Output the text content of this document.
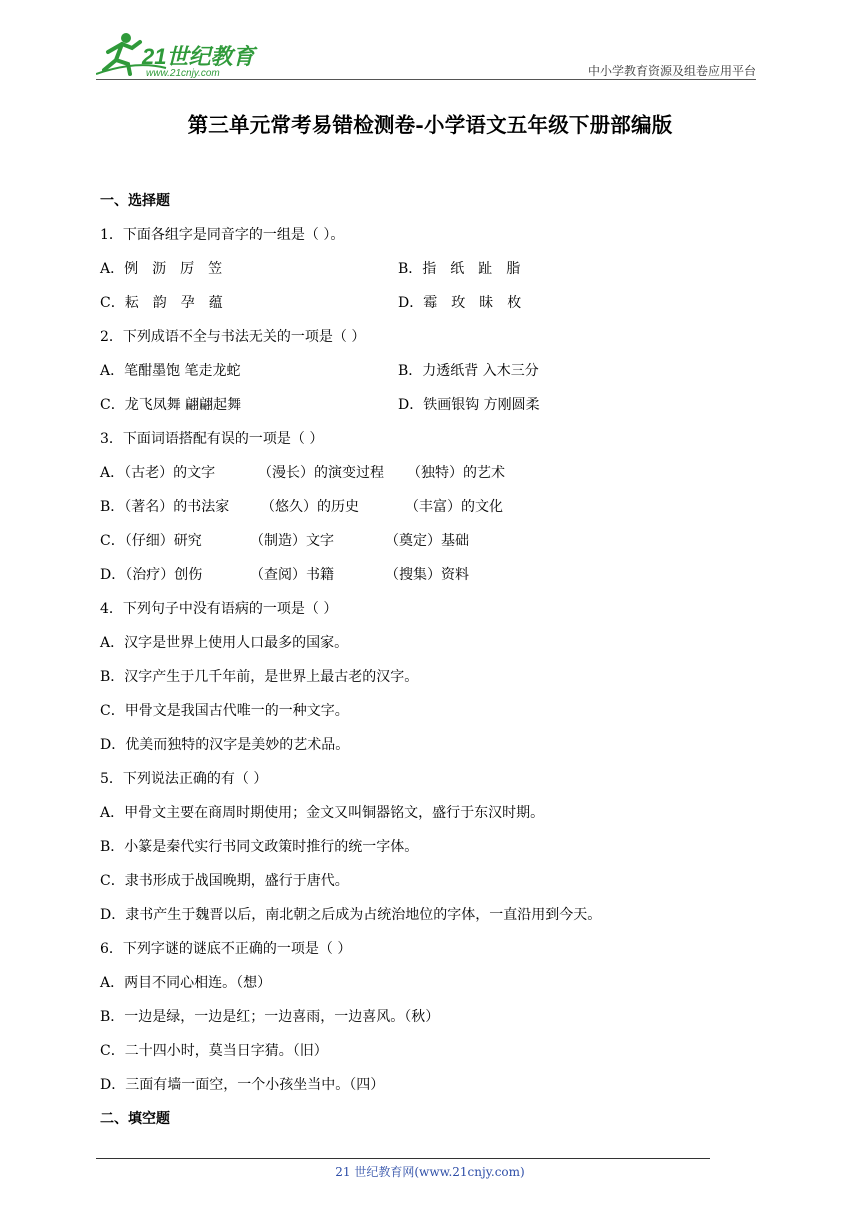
21世纪教育
www.21cnjy.com	中小学教育资源及组卷应用平台
第三单元常考易错检测卷-小学语文五年级下册部编版
一、选择题
1．下面各组字是同音字的一组是（ ）。
A．例　沥　厉　笠	B．指　纸　趾　脂
C．耘　韵　孕　蕴	D．霉　玫　昧　枚
2．下列成语不全与书法无关的一项是（ ）
A．笔酣墨饱 笔走龙蛇	B．力透纸背 入木三分
C．龙飞凤舞 翩翩起舞	D．铁画银钩 方刚圆柔
3．下面词语搭配有误的一项是（ ）
A．（古老）的文字	（漫长）的演变过程 （独特）的艺术
B．（著名）的书法家 （悠久）的历史	（丰富）的文化
C．（仔细）研究	（制造）文字	（奠定）基础
D．（治疗）创伤	（查阅）书籍	（搜集）资料
4．下列句子中没有语病的一项是（ ）
A．汉字是世界上使用人口最多的国家。
B．汉字产生于几千年前，是世界上最古老的汉字。
C．甲骨文是我国古代唯一的一种文字。
D．优美而独特的汉字是美妙的艺术品。
5．下列说法正确的有（ ）
A．甲骨文主要在商周时期使用；金文又叫铜器铭文，盛行于东汉时期。
B．小篆是秦代实行书同文政策时推行的统一字体。
C．隶书形成于战国晚期，盛行于唐代。
D．隶书产生于魏晋以后，南北朝之后成为占统治地位的字体，一直沿用到今天。
6．下列字谜的谜底不正确的一项是（ ）
A．两目不同心相连。（想）
B．一边是绿，一边是红；一边喜雨，一边喜风。（秋）
C．二十四小时，莫当日字猜。（旧）
D．三面有墙一面空，一个小孩坐当中。（四）
二、填空题
21 世纪教育网(www.21cnjy.com)
